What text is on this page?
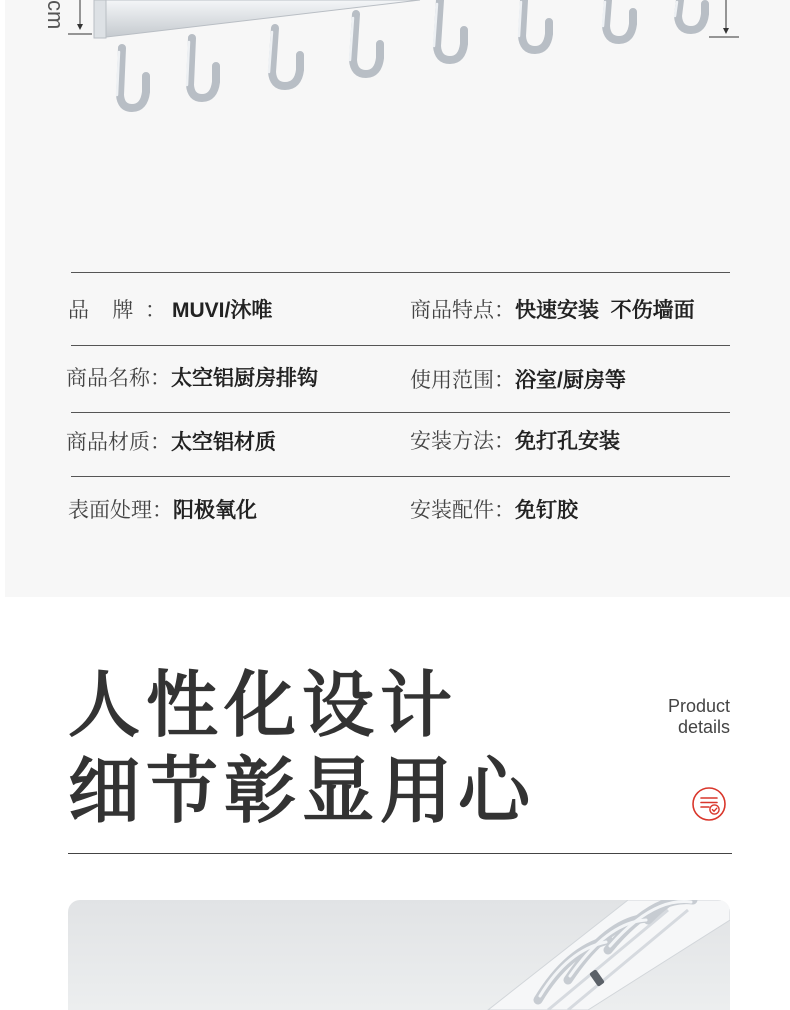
cm
品    牌  ： MUVI/沐唯	商品特点：快速安装  不伤墙面
商品名称：太空铝厨房排钩	使用范围：浴室/厨房等
商品材质：太空铝材质	安装方法：免打孔安装
表面处理：阳极氧化	安装配件：免钉胶
人性化设计
细节彰显用心
Product
details
